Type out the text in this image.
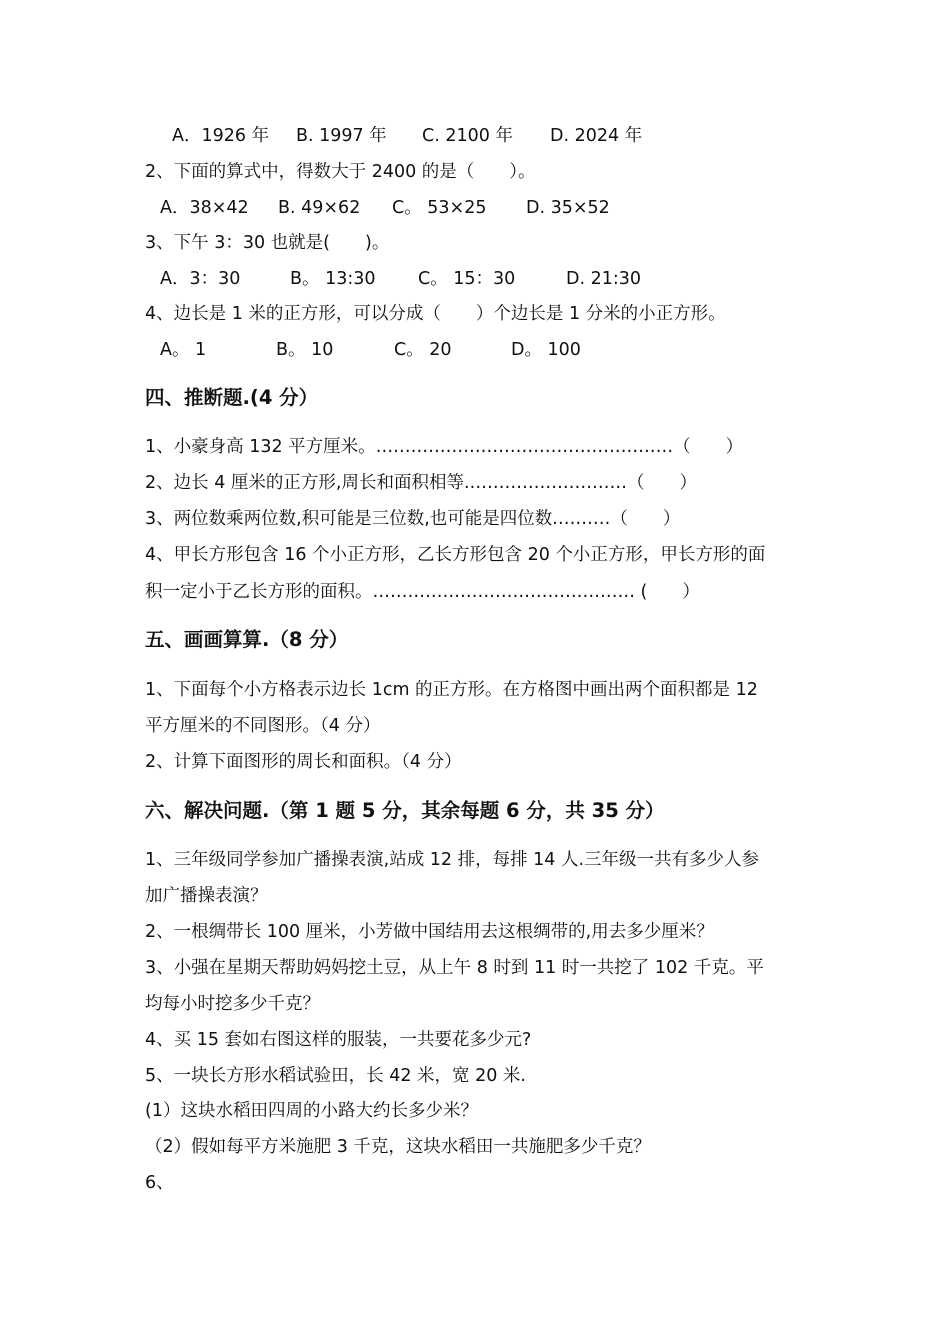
A．1926 年 B. 1997 年 C. 2100 年 D. 2024 年
2、下面的算式中，得数大于 2400 的是（　　）。
A．38×42 B. 49×62 C。 53×25 D. 35×52
3、下午 3：30 也就是(　　)。
A．3：30	B。 13:30 C。 15：30	D. 21:30
4、边长是 1 米的正方形，可以分成（　　）个边长是 1 分米的小正方形。
A。 1	B。 10	C。 20	D。 100
四、推断题.(4 分）
1、小豪身高 132 平方厘米。……………………………………………（　　）
2、边长 4 厘米的正方形,周长和面积相等.………………………（　　）
3、两位数乘两位数,积可能是三位数,也可能是四位数.………（　　）
4、甲长方形包含 16 个小正方形，乙长方形包含 20 个小正方形，甲长方形的面
积一定小于乙长方形的面积。……………………………………… (　　）
五、画画算算.（8 分）
1、下面每个小方格表示边长 1cm 的正方形。在方格图中画出两个面积都是 12
平方厘米的不同图形。（4 分）
2、计算下面图形的周长和面积。（4 分）
六、解决问题.（第 1 题 5 分，其余每题 6 分，共 35 分）
1、三年级同学参加广播操表演,站成 12 排，每排 14 人.三年级一共有多少人参
加广播操表演？
2、一根绸带长 100 厘米，小芳做中国结用去这根绸带的,用去多少厘米？
3、小强在星期天帮助妈妈挖土豆，从上午 8 时到 11 时一共挖了 102 千克。平
均每小时挖多少千克？
4、买 15 套如右图这样的服装，一共要花多少元?
5、一块长方形水稻试验田，长 42 米，宽 20 米.
(1）这块水稻田四周的小路大约长多少米？
（2）假如每平方米施肥 3 千克，这块水稻田一共施肥多少千克？
6、
